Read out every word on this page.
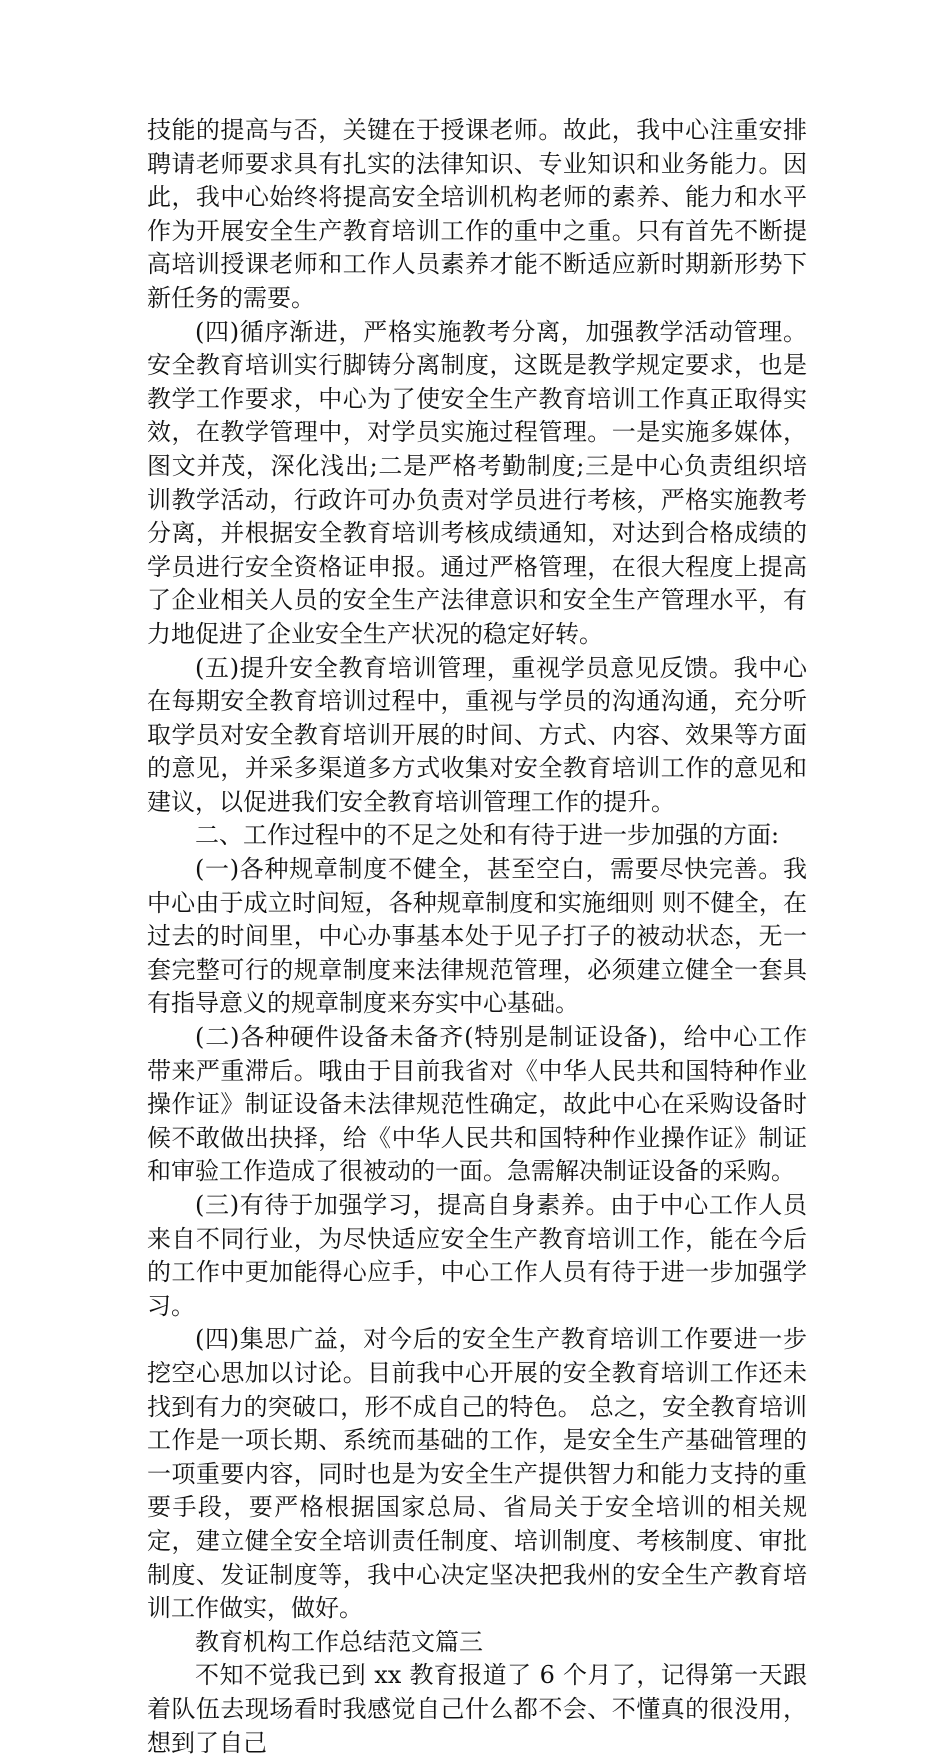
技能的提高与否，关键在于授课老师。故此，我中心注重安排聘请老师要求具有扎实的法律知识、专业知识和业务能力。因此，我中心始终将提高安全培训机构老师的素养、能力和水平作为开展安全生产教育培训工作的重中之重。只有首先不断提高培训授课老师和工作人员素养才能不断适应新时期新形势下新任务的需要。

(四)循序渐进，严格实施教考分离，加强教学活动管理。安全教育培训实行脚铸分离制度，这既是教学规定要求，也是教学工作要求，中心为了使安全生产教育培训工作真正取得实效，在教学管理中，对学员实施过程管理。一是实施多媒体，图文并茂，深化浅出;二是严格考勤制度;三是中心负责组织培训教学活动，行政许可办负责对学员进行考核，严格实施教考分离，并根据安全教育培训考核成绩通知，对达到合格成绩的学员进行安全资格证申报。通过严格管理，在很大程度上提高了企业相关人员的安全生产法律意识和安全生产管理水平，有力地促进了企业安全生产状况的稳定好转。

(五)提升安全教育培训管理，重视学员意见反馈。我中心在每期安全教育培训过程中，重视与学员的沟通沟通，充分听取学员对安全教育培训开展的时间、方式、内容、效果等方面的意见，并采多渠道多方式收集对安全教育培训工作的意见和建议，以促进我们安全教育培训管理工作的提升。

二、工作过程中的不足之处和有待于进一步加强的方面:

(一)各种规章制度不健全，甚至空白，需要尽快完善。我中心由于成立时间短，各种规章制度和实施细则 则不健全，在过去的时间里，中心办事基本处于见子打子的被动状态，无一套完整可行的规章制度来法律规范管理，必须建立健全一套具有指导意义的规章制度来夯实中心基础。

(二)各种硬件设备未备齐(特别是制证设备)，给中心工作带来严重滞后。哦由于目前我省对《中华人民共和国特种作业操作证》制证设备未法律规范性确定，故此中心在采购设备时候不敢做出抉择，给《中华人民共和国特种作业操作证》制证和审验工作造成了很被动的一面。急需解决制证设备的采购。

(三)有待于加强学习，提高自身素养。由于中心工作人员来自不同行业，为尽快适应安全生产教育培训工作，能在今后的工作中更加能得心应手，中心工作人员有待于进一步加强学习。

(四)集思广益，对今后的安全生产教育培训工作要进一步挖空心思加以讨论。目前我中心开展的安全教育培训工作还未找到有力的突破口，形不成自己的特色。 总之，安全教育培训工作是一项长期、系统而基础的工作，是安全生产基础管理的一项重要内容，同时也是为安全生产提供智力和能力支持的重要手段，要严格根据国家总局、省局关于安全培训的相关规定，建立健全安全培训责任制度、培训制度、考核制度、审批制度、发证制度等，我中心决定坚决把我州的安全生产教育培训工作做实，做好。

教育机构工作总结范文篇三

不知不觉我已到 xx 教育报道了 6 个月了，记得第一天跟着队伍去现场看时我感觉自己什么都不会、不懂真的很没用，想到了自己
